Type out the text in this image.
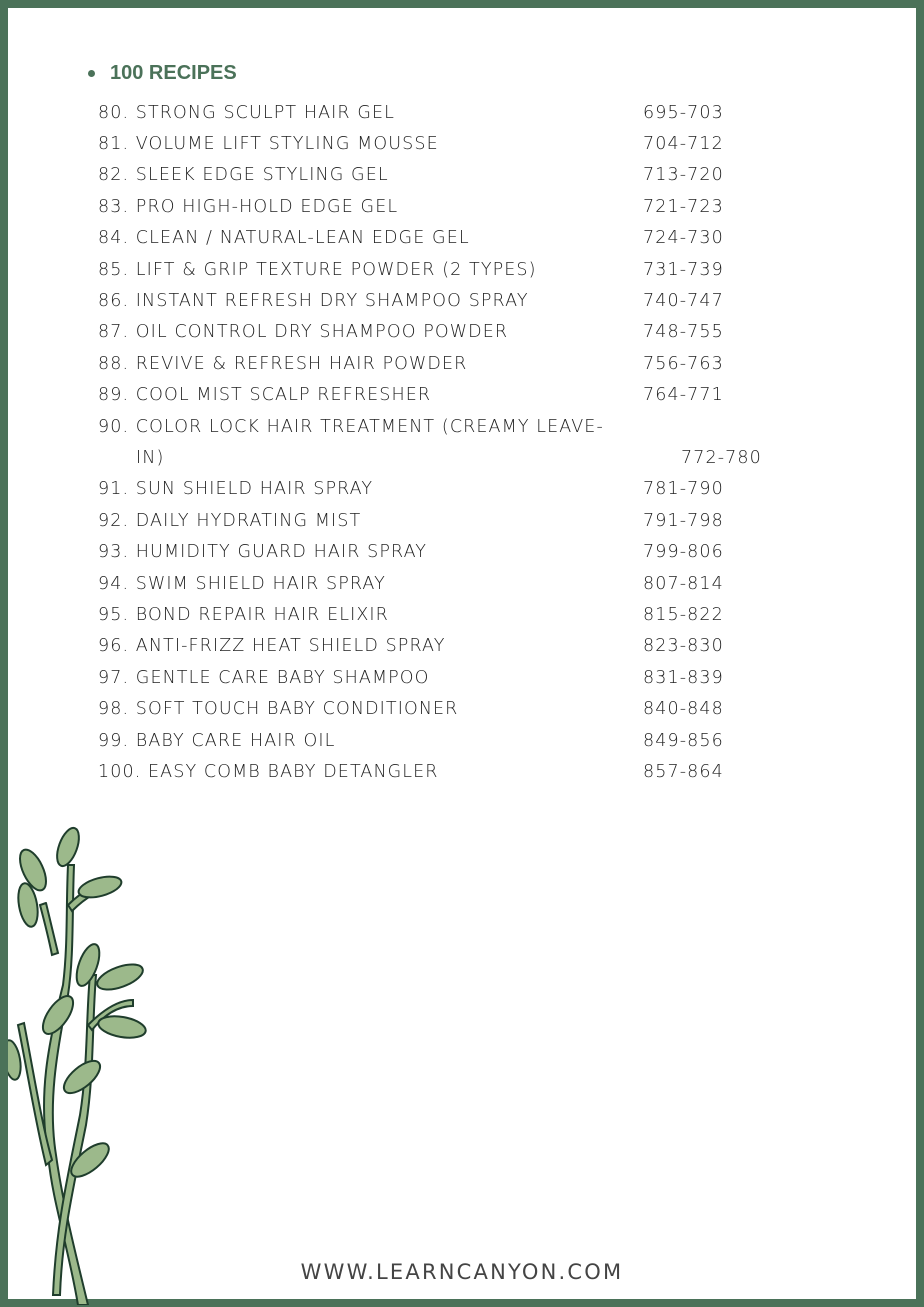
100 RECIPES
80. STRONG SCULPT HAIR GEL	695-703
81. VOLUME LIFT STYLING MOUSSE	704-712
82. SLEEK EDGE STYLING GEL	713-720
83. PRO HIGH-HOLD EDGE GEL	721-723
84. CLEAN / NATURAL-LEAN EDGE GEL	724-730
85. LIFT & GRIP TEXTURE POWDER (2 TYPES)	731-739
86. INSTANT REFRESH DRY SHAMPOO SPRAY	740-747
87. OIL CONTROL DRY SHAMPOO POWDER	748-755
88. REVIVE & REFRESH HAIR POWDER	756-763
89. COOL MIST SCALP REFRESHER	764-771
90. COLOR LOCK HAIR TREATMENT (CREAMY LEAVE-
IN)	772-780
91. SUN SHIELD HAIR SPRAY	781-790
92. DAILY HYDRATING MIST	791-798
93. HUMIDITY GUARD HAIR SPRAY	799-806
94. SWIM SHIELD HAIR SPRAY	807-814
95. BOND REPAIR HAIR ELIXIR	815-822
96. ANTI-FRIZZ HEAT SHIELD SPRAY	823-830
97. GENTLE CARE BABY SHAMPOO	831-839
98. SOFT TOUCH BABY CONDITIONER	840-848
99. BABY CARE HAIR OIL	849-856
100. EASY COMB BABY DETANGLER	857-864
WWW.LEARNCANYON.COM
